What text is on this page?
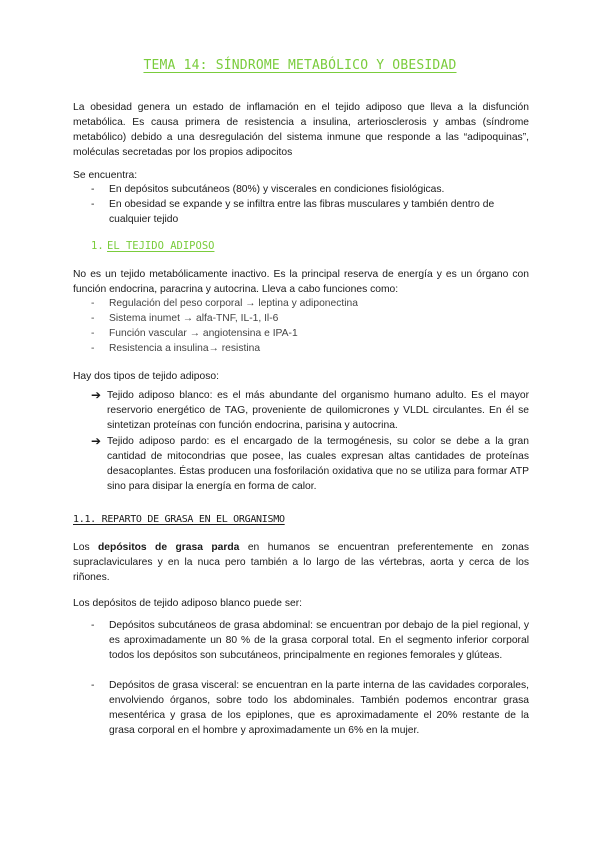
TEMA 14: SÍNDROME METABÓLICO Y OBESIDAD

La obesidad genera un estado de inflamación en el tejido adiposo que lleva a la disfunción metabólica. Es causa primera de resistencia a insulina, arteriosclerosis y ambas (síndrome metabólico) debido a una desregulación del sistema inmune que responde a las “adipoquinas”, moléculas secretadas por los propios adipocitos

Se encuentra:

- En depósitos subcutáneos (80%) y viscerales en condiciones fisiológicas.
- En obesidad se expande y se infiltra entre las fibras musculares y también dentro de cualquier tejido
1. EL TEJIDO ADIPOSO

No es un tejido metabólicamente inactivo. Es la principal reserva de energía y es un órgano con función endocrina, paracrina y autocrina. Lleva a cabo funciones como:

- Regulación del peso corporal → leptina y adiponectina
- Sistema inumet → alfa-TNF, IL-1, Il-6
- Función vascular → angiotensina e IPA-1
- Resistencia a insulina→ resistina

Hay dos tipos de tejido adiposo:

➔ Tejido adiposo blanco: es el más abundante del organismo humano adulto. Es el mayor reservorio energético de TAG, proveniente de quilomicrones y VLDL circulantes. En él se sintetizan proteínas con función endocrina, parisina y autocrina.
➔ Tejido adiposo pardo: es el encargado de la termogénesis, su color se debe a la gran cantidad de mitocondrias que posee, las cuales expresan altas cantidades de proteínas desacoplantes. Éstas producen una fosforilación oxidativa que no se utiliza para formar ATP sino para disipar la energía en forma de calor.
1.1. REPARTO DE GRASA EN EL ORGANISMO

Los depósitos de grasa parda en humanos se encuentran preferentemente en zonas supraclaviculares y en la nuca pero también a lo largo de las vértebras, aorta y cerca de los riñones.

Los depósitos de tejido adiposo blanco puede ser:

- Depósitos subcutáneos de grasa abdominal: se encuentran por debajo de la piel regional, y es aproximadamente un 80 % de la grasa corporal total. En el segmento inferior corporal todos los depósitos son subcutáneos, principalmente en regiones femorales y glúteas.
- Depósitos de grasa visceral: se encuentran en la parte interna de las cavidades corporales, envolviendo órganos, sobre todo los abdominales. También podemos encontrar grasa mesentérica y grasa de los epiplones, que es aproximadamente el 20% restante de la grasa corporal en el hombre y aproximadamente un 6% en la mujer.
